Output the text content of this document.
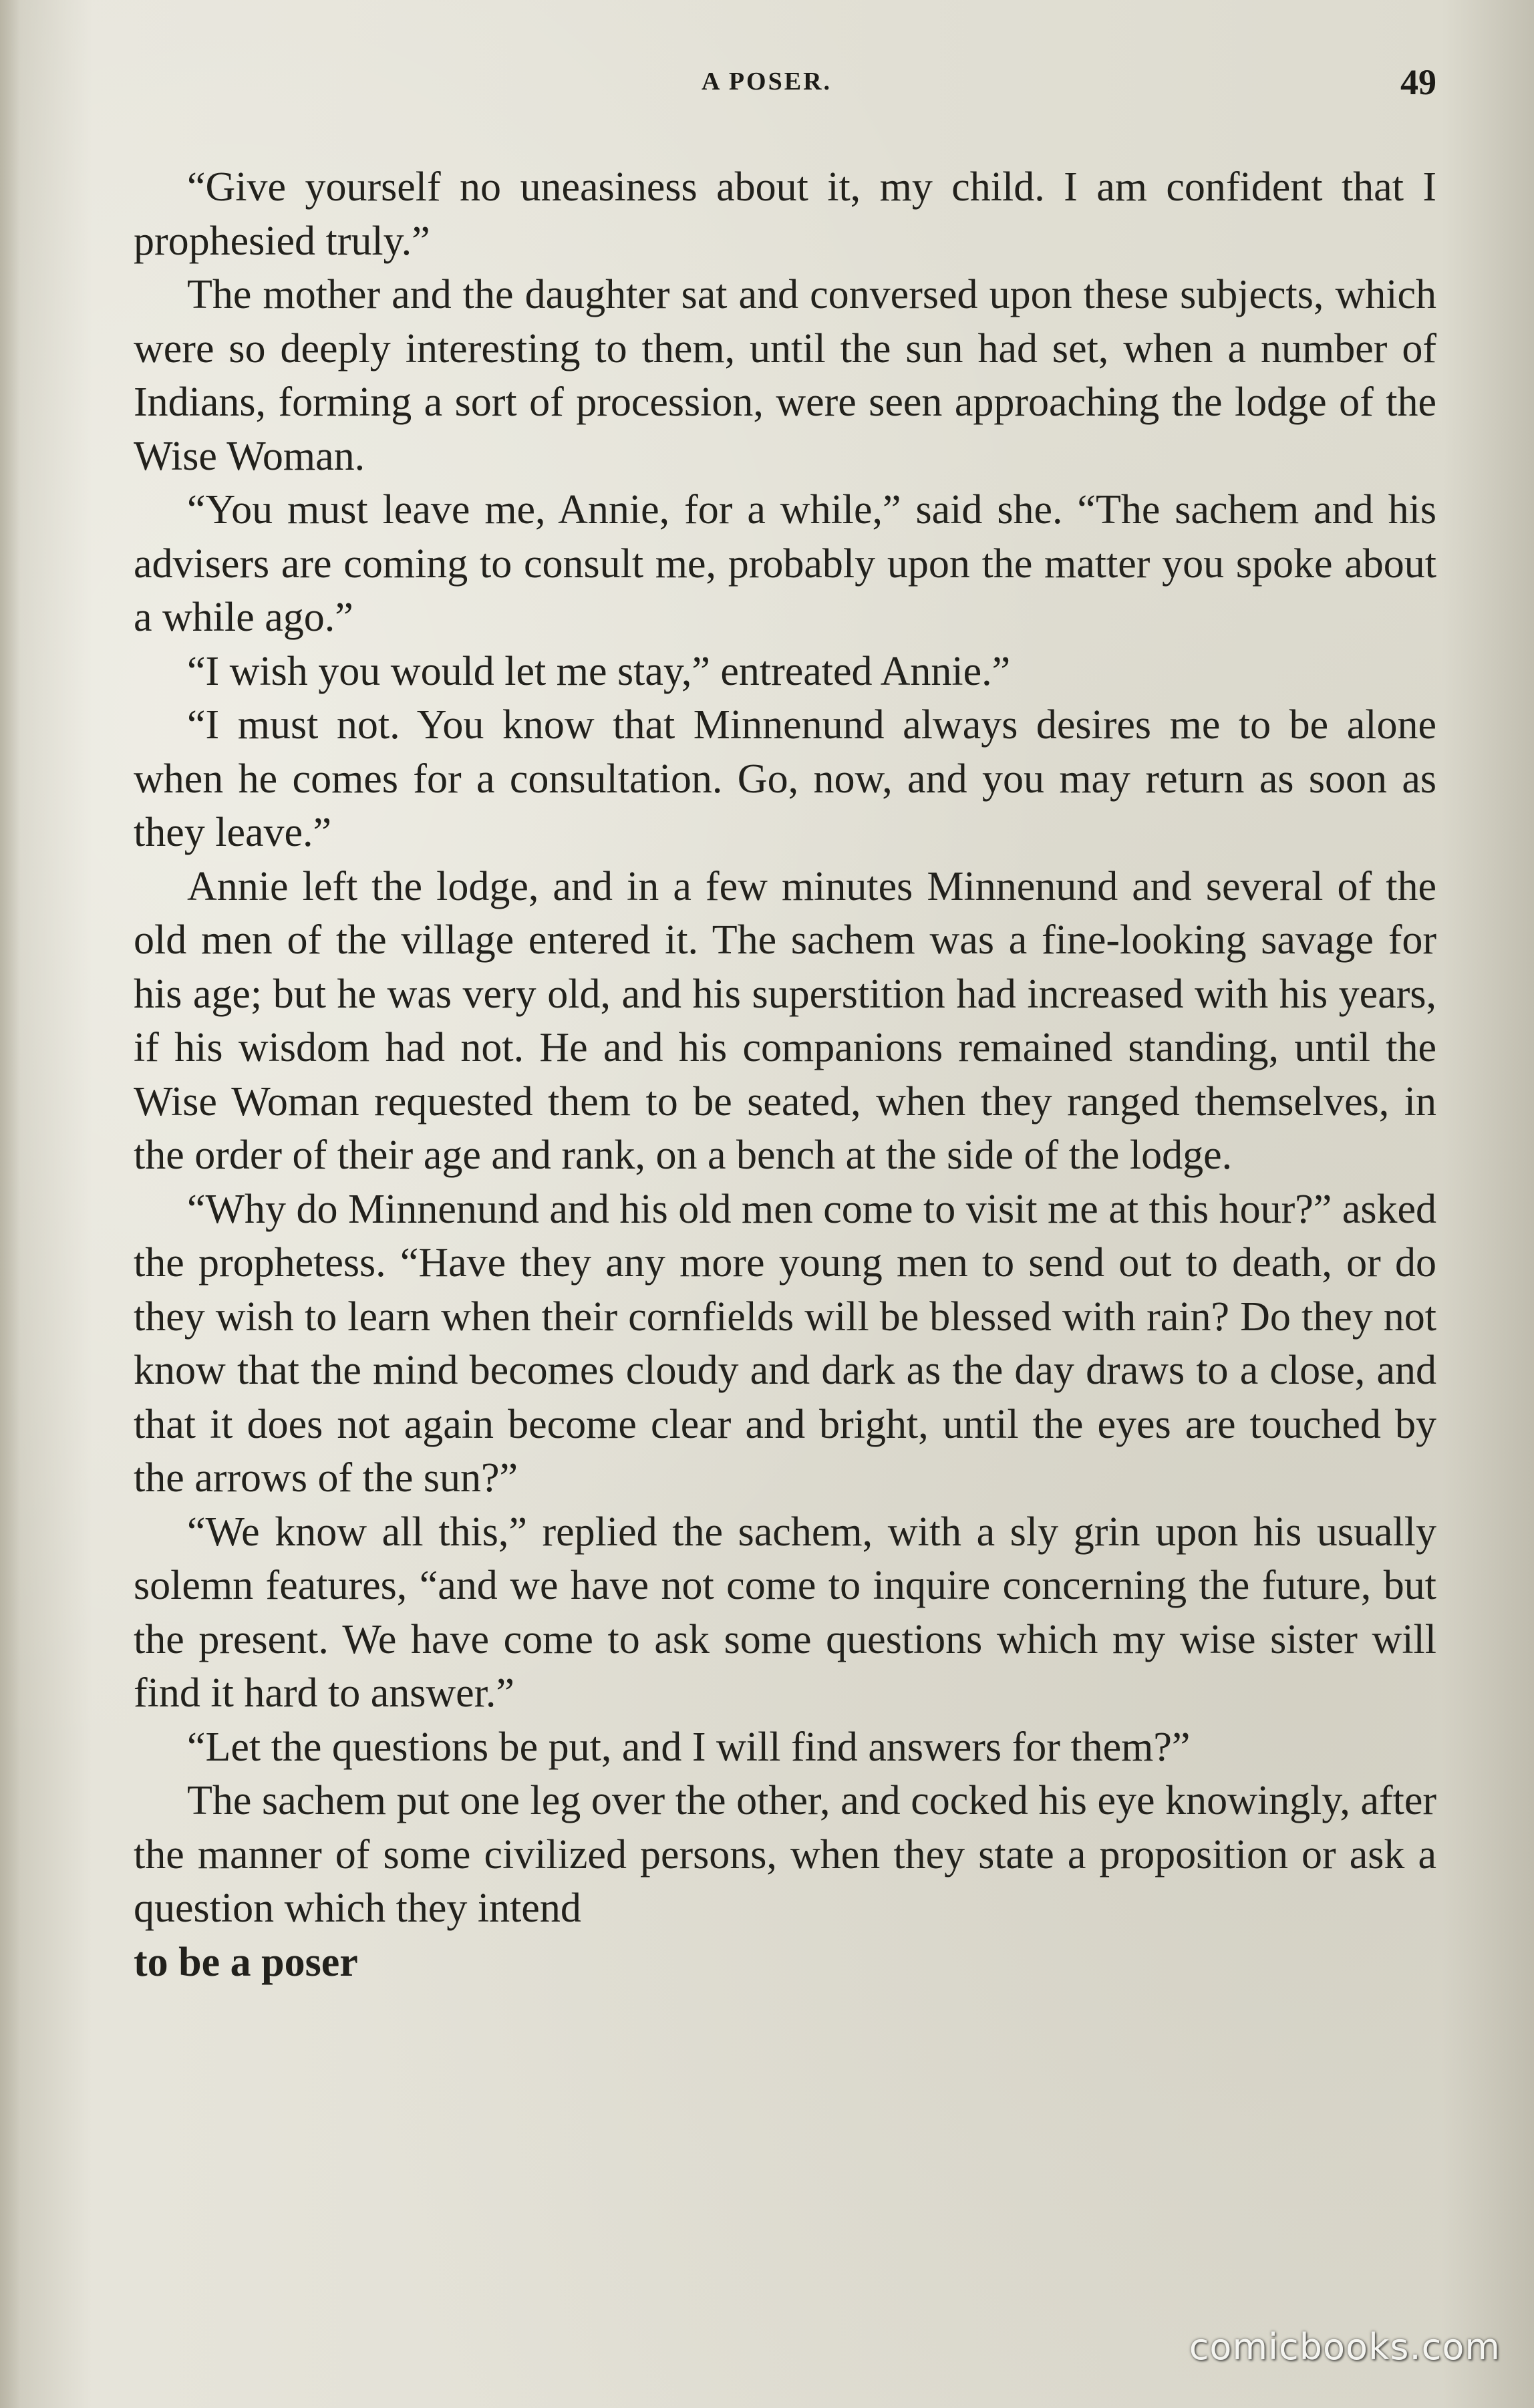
A POSER.	49

“Give yourself no uneasiness about it, my child. I am confident that I prophesied truly.”

The mother and the daughter sat and conversed upon these subjects, which were so deeply interesting to them, until the sun had set, when a number of Indians, forming a sort of procession, were seen approaching the lodge of the Wise Woman.

“You must leave me, Annie, for a while,” said she. “The sachem and his advisers are coming to consult me, probably upon the matter you spoke about a while ago.”

“I wish you would let me stay,” entreated Annie.”

“I must not. You know that Minnenund always desires me to be alone when he comes for a consultation. Go, now, and you may return as soon as they leave.”

Annie left the lodge, and in a few minutes Minnenund and several of the old men of the village entered it. The sachem was a fine-looking savage for his age; but he was very old, and his superstition had increased with his years, if his wisdom had not. He and his companions remained standing, until the Wise Woman requested them to be seated, when they ranged themselves, in the order of their age and rank, on a bench at the side of the lodge.

“Why do Minnenund and his old men come to visit me at this hour?” asked the prophetess. “Have they any more young men to send out to death, or do they wish to learn when their cornfields will be blessed with rain? Do they not know that the mind becomes cloudy and dark as the day draws to a close, and that it does not again become clear and bright, until the eyes are touched by the arrows of the sun?”

“We know all this,” replied the sachem, with a sly grin upon his usually solemn features, “and we have not come to inquire concerning the future, but the present. We have come to ask some questions which my wise sister will find it hard to answer.”

“Let the questions be put, and I will find answers for them?”

The sachem put one leg over the other, and cocked his eye knowingly, after the manner of some civilized persons, when they state a proposition or ask a question which they intend

to be a poser

comicbooks.com
